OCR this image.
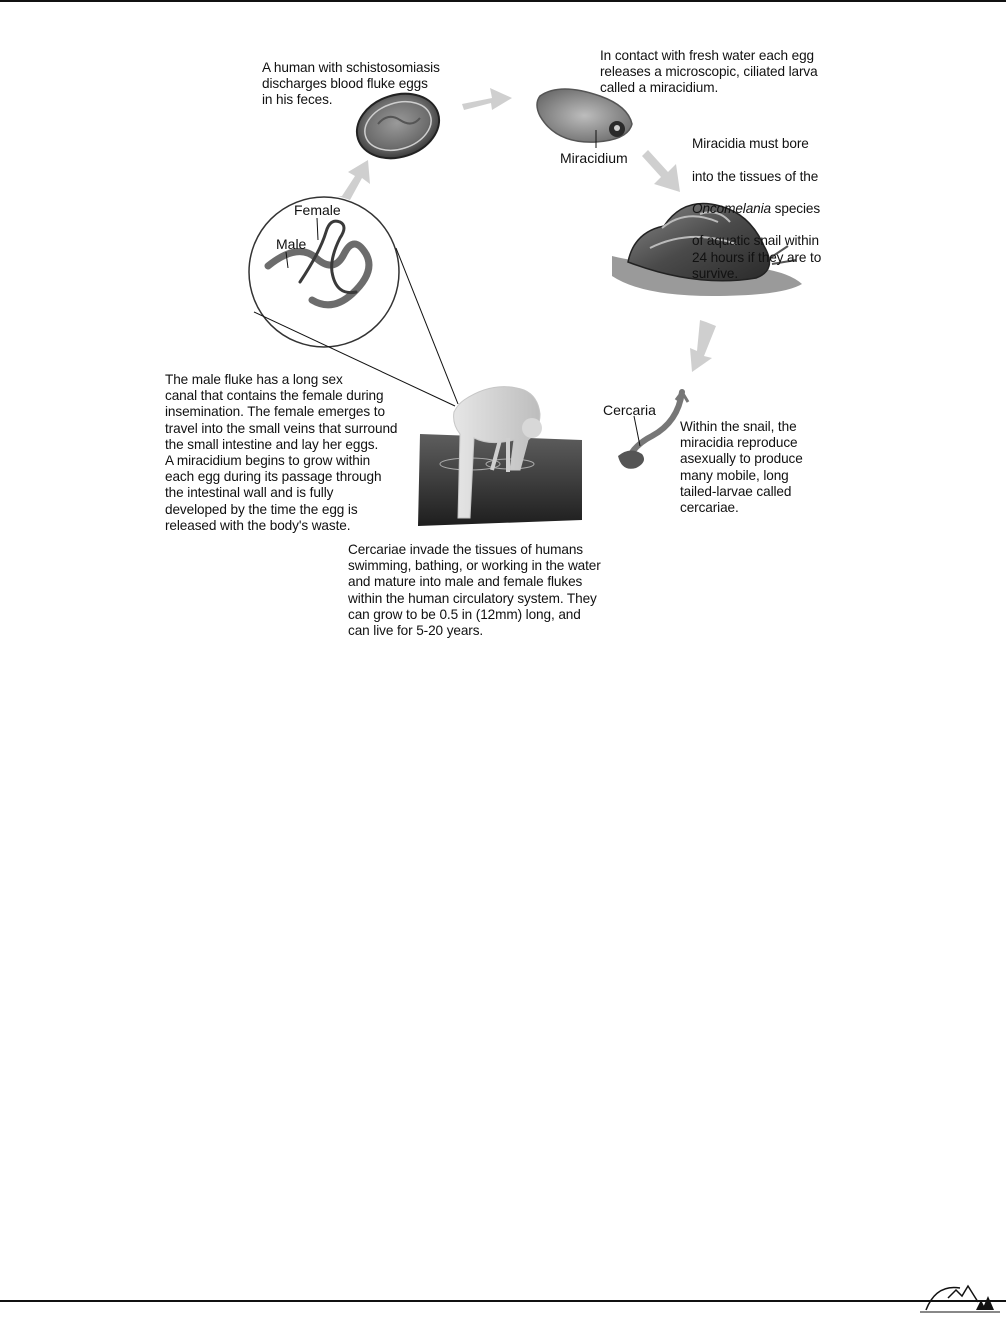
A human with schistosomiasis
discharges blood fluke eggs
in his feces.
In contact with fresh water each egg
releases a microscopic, ciliated larva
called a miracidium.

Miracidia must bore

into the tissues of the

Oncomelania species

of aquatic snail within
24 hours if they are to
survive.

Within the snail, the
miracidia reproduce
asexually to produce
many mobile, long
tailed-larvae called
cercariae.
Cercariae invade the tissues of humans
swimming, bathing, or working in the water
and mature into male and female flukes
within the human circulatory system. They
can grow to be 0.5 in (12mm) long, and
can live for 5-20 years.
The male fluke has a long sex
canal that contains the female during
insemination. The female emerges to
travel into the small veins that surround
the small intestine and lay her eggs.
A miracidium begins to grow within
each egg during its passage through
the intestinal wall and is fully
developed by the time the egg is
released with the body's waste.
Female
Male
Miracidium
Cercaria
